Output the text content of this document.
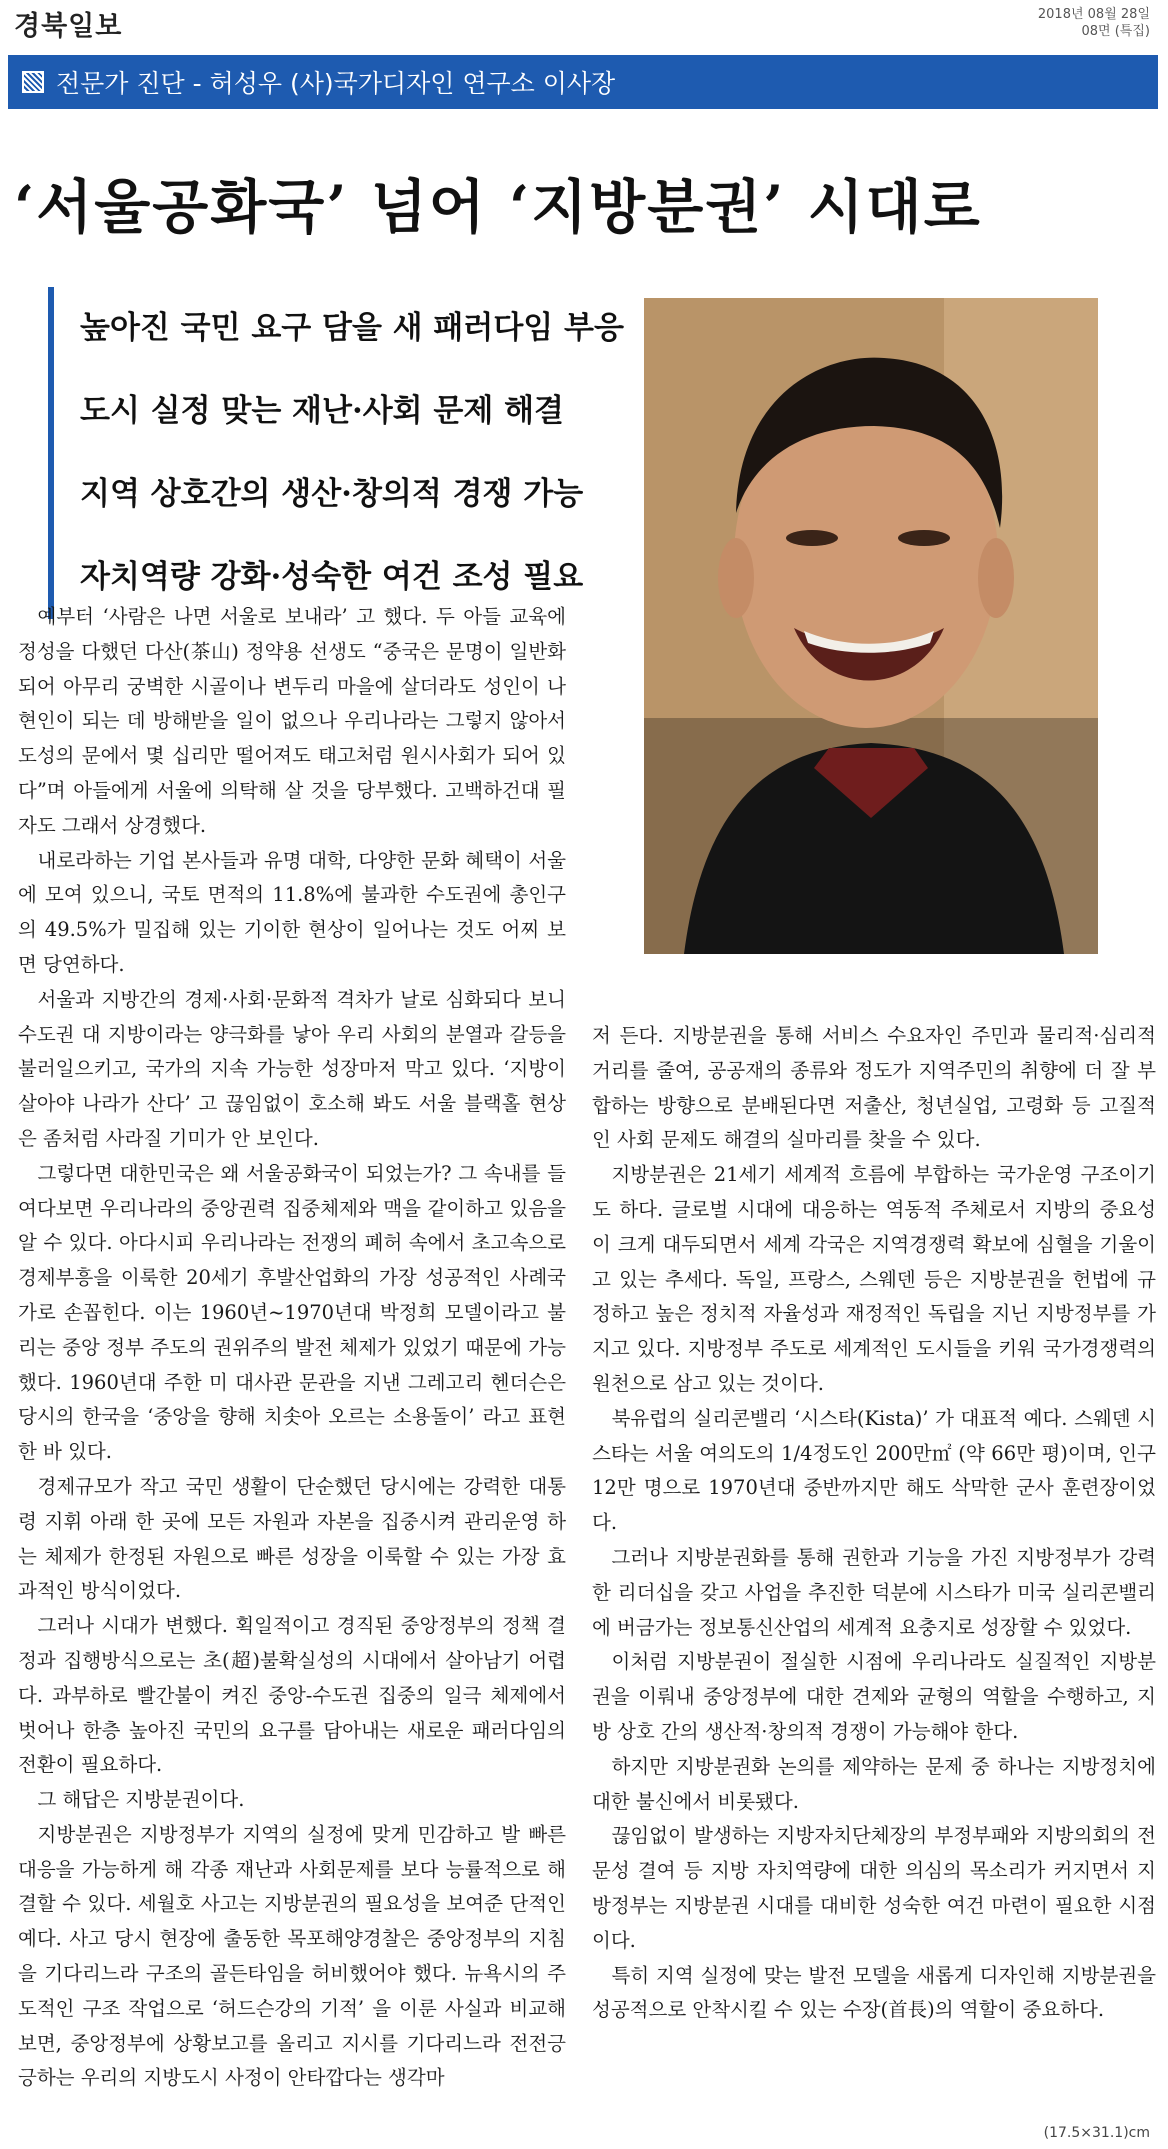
경북일보	2018년 08월 28일
08면 (특집)
전문가 진단 - 허성우 (사)국가디자인 연구소 이사장
‘서울공화국’ 넘어 ‘지방분권’ 시대로
높아진 국민 요구 담을 새 패러다임 부응
도시 실정 맞는 재난·사회 문제 해결
지역 상호간의 생산·창의적 경쟁 가능
자치역량 강화·성숙한 여건 조성 필요

예부터 ‘사람은 나면 서울로 보내라’ 고 했다. 두 아들 교육에 정성을 다했던 다산(茶山) 정약용 선생도 “중국은 문명이 일반화되어 아무리 궁벽한 시골이나 변두리 마을에 살더라도 성인이 나 현인이 되는 데 방해받을 일이 없으나 우리나라는 그렇지 않아서 도성의 문에서 몇 십리만 떨어져도 태고처럼 원시사회가 되어 있다”며 아들에게 서울에 의탁해 살 것을 당부했다. 고백하건대 필자도 그래서 상경했다.

내로라하는 기업 본사들과 유명 대학, 다양한 문화 혜택이 서울에 모여 있으니, 국토 면적의 11.8%에 불과한 수도권에 총인구의 49.5%가 밀집해 있는 기이한 현상이 일어나는 것도 어찌 보면 당연하다.

서울과 지방간의 경제·사회·문화적 격차가 날로 심화되다 보니 수도권 대 지방이라는 양극화를 낳아 우리 사회의 분열과 갈등을 불러일으키고, 국가의 지속 가능한 성장마저 막고 있다. ‘지방이 살아야 나라가 산다’ 고 끊임없이 호소해 봐도 서울 블랙홀 현상은 좀처럼 사라질 기미가 안 보인다.

그렇다면 대한민국은 왜 서울공화국이 되었는가? 그 속내를 들여다보면 우리나라의 중앙권력 집중체제와 맥을 같이하고 있음을 알 수 있다. 아다시피 우리나라는 전쟁의 폐허 속에서 초고속으로 경제부흥을 이룩한 20세기 후발산업화의 가장 성공적인 사례국가로 손꼽힌다. 이는 1960년~1970년대 박정희 모델이라고 불리는 중앙 정부 주도의 권위주의 발전 체제가 있었기 때문에 가능했다. 1960년대 주한 미 대사관 문관을 지낸 그레고리 헨더슨은 당시의 한국을 ‘중앙을 향해 치솟아 오르는 소용돌이’ 라고 표현한 바 있다.

경제규모가 작고 국민 생활이 단순했던 당시에는 강력한 대통령 지휘 아래 한 곳에 모든 자원과 자본을 집중시켜 관리운영 하는 체제가 한정된 자원으로 빠른 성장을 이룩할 수 있는 가장 효과적인 방식이었다.

그러나 시대가 변했다. 획일적이고 경직된 중앙정부의 정책 결정과 집행방식으로는 초(超)불확실성의 시대에서 살아남기 어렵다. 과부하로 빨간불이 켜진 중앙-수도권 집중의 일극 체제에서 벗어나 한층 높아진 국민의 요구를 담아내는 새로운 패러다임의 전환이 필요하다.

그 해답은 지방분권이다.

지방분권은 지방정부가 지역의 실정에 맞게 민감하고 발 빠른 대응을 가능하게 해 각종 재난과 사회문제를 보다 능률적으로 해결할 수 있다. 세월호 사고는 지방분권의 필요성을 보여준 단적인 예다. 사고 당시 현장에 출동한 목포해양경찰은 중앙정부의 지침을 기다리느라 구조의 골든타임을 허비했어야 했다. 뉴욕시의 주도적인 구조 작업으로 ‘허드슨강의 기적’ 을 이룬 사실과 비교해 보면, 중앙정부에 상황보고를 올리고 지시를 기다리느라 전전긍긍하는 우리의 지방도시 사정이 안타깝다는 생각마

저 든다. 지방분권을 통해 서비스 수요자인 주민과 물리적·심리적 거리를 줄여, 공공재의 종류와 정도가 지역주민의 취향에 더 잘 부합하는 방향으로 분배된다면 저출산, 청년실업, 고령화 등 고질적인 사회 문제도 해결의 실마리를 찾을 수 있다.

지방분권은 21세기 세계적 흐름에 부합하는 국가운영 구조이기도 하다. 글로벌 시대에 대응하는 역동적 주체로서 지방의 중요성이 크게 대두되면서 세계 각국은 지역경쟁력 확보에 심혈을 기울이고 있는 추세다. 독일, 프랑스, 스웨덴 등은 지방분권을 헌법에 규정하고 높은 정치적 자율성과 재정적인 독립을 지닌 지방정부를 가지고 있다. 지방정부 주도로 세계적인 도시들을 키워 국가경쟁력의 원천으로 삼고 있는 것이다.

북유럽의 실리콘밸리 ‘시스타(Kista)’ 가 대표적 예다. 스웨덴 시스타는 서울 여의도의 1/4정도인 200만㎡ (약 66만 평)이며, 인구 12만 명으로 1970년대 중반까지만 해도 삭막한 군사 훈련장이었다.

그러나 지방분권화를 통해 권한과 기능을 가진 지방정부가 강력한 리더십을 갖고 사업을 추진한 덕분에 시스타가 미국 실리콘밸리에 버금가는 정보통신산업의 세계적 요충지로 성장할 수 있었다.

이처럼 지방분권이 절실한 시점에 우리나라도 실질적인 지방분권을 이뤄내 중앙정부에 대한 견제와 균형의 역할을 수행하고, 지방 상호 간의 생산적·창의적 경쟁이 가능해야 한다.

하지만 지방분권화 논의를 제약하는 문제 중 하나는 지방정치에 대한 불신에서 비롯됐다.

끊임없이 발생하는 지방자치단체장의 부정부패와 지방의회의 전문성 결여 등 지방 자치역량에 대한 의심의 목소리가 커지면서 지방정부는 지방분권 시대를 대비한 성숙한 여건 마련이 필요한 시점이다.

특히 지역 실정에 맞는 발전 모델을 새롭게 디자인해 지방분권을 성공적으로 안착시킬 수 있는 수장(首長)의 역할이 중요하다.

(17.5×31.1)cm
